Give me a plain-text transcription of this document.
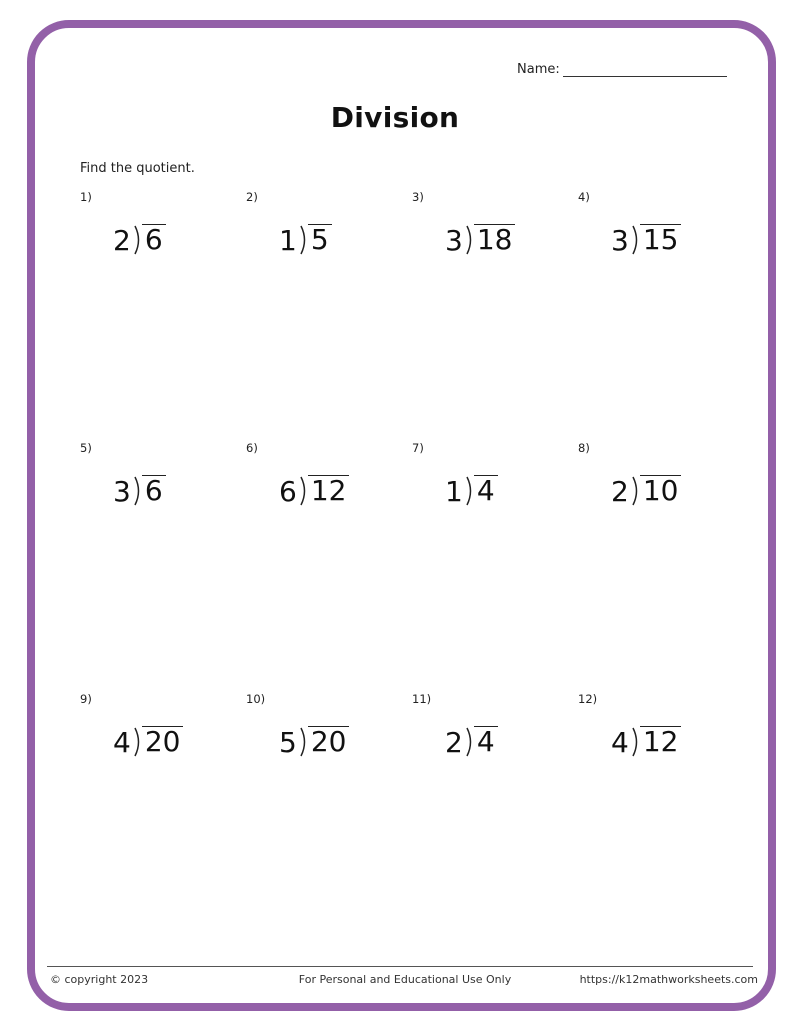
Name:
Division
Find the quotient.
1)
2 6
2)
1 5
3)
3 18
4)
3 15
5)
3 6
6)
6 12
7)
1 4
8)
2 10
9)
4 20
10)
5 20
11)
2 4
12)
4 12
© copyright 2023	For Personal and Educational Use Only	https://k12mathworksheets.com
